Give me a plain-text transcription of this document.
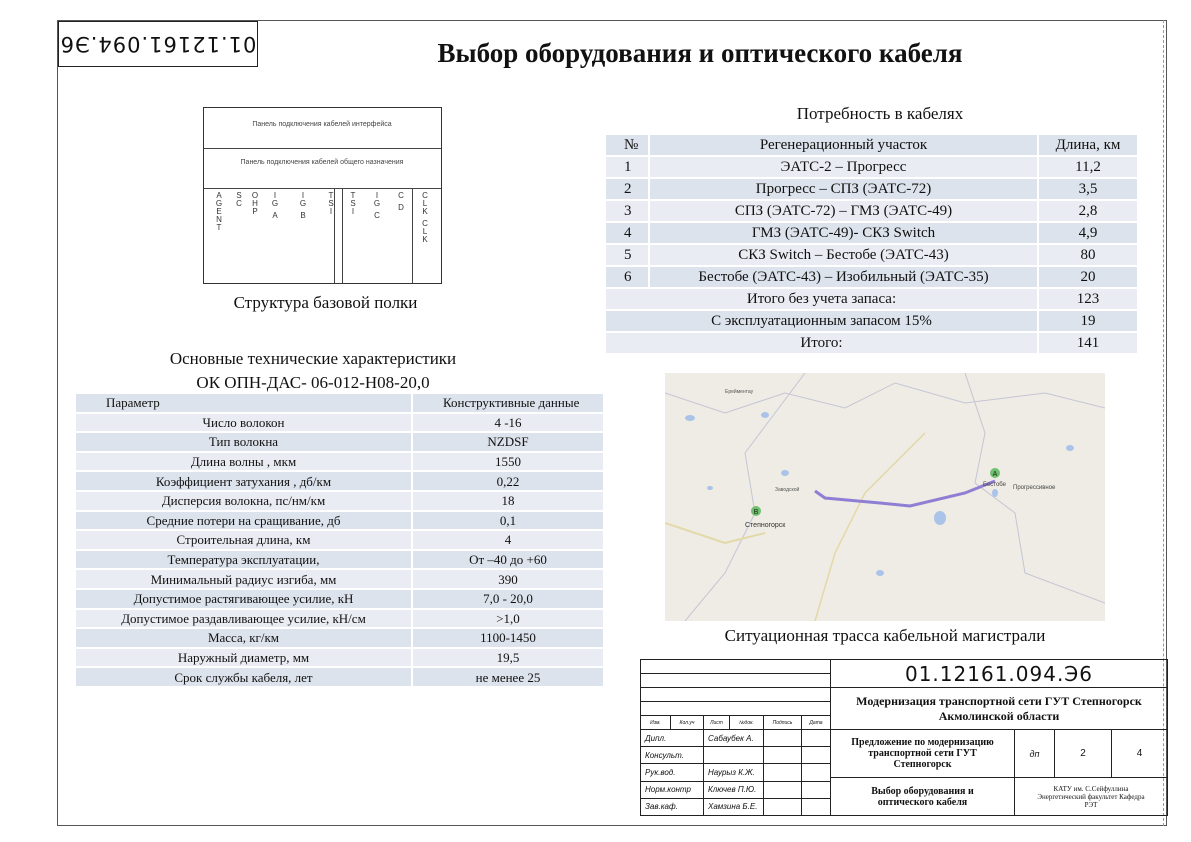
01.12161.094.Э6	Выбор оборудования и оптического кабеля
Панель подключения кабелей интерфейса
Панель подключения кабелей общего назначения
A
G
E
N
T
S
C
O
H
P
I
G
A
I
G
B
T
S
I
T
S
I
I
G
C
C
D
C
L
K
C
L
K
Структура базовой полки
Потребность в кабелях
№	Регенерационный участок	Длина, км
1	ЭАТС-2 – Прогресс	11,2
2	Прогресс – СПЗ (ЭАТС-72)	3,5
3	СПЗ (ЭАТС-72) – ГМЗ (ЭАТС-49)	2,8
4	ГМЗ (ЭАТС-49)- СКЗ Switch	4,9
5	СКЗ Switch – Бестобе (ЭАТС-43)	80
6	Бестобе (ЭАТС-43) – Изобильный (ЭАТС-35)	20
Итого без учета запаса:		123
С эксплуатационным запасом 15%		19
Итого:		141
Основные технические характеристики
ОК ОПН-ДАС- 06-012-Н08-20,0
Параметр	Конструктивные данные
Число волокон	4 -16
Тип волокна	NZDSF
Длина волны , мкм	1550
Коэффициент затухания , дб/км	0,22
Дисперсия волокна, пс/нм/км	18
Средние потери на сращивание, дб	0,1
Строительная длина, км	4
Температура эксплуатации,	От –40 до +60
Минимальный радиус изгиба, мм	390
Допустимое растягивающее усилие, кН	7,0 - 20,0
Допустимое раздавливающее усилие, кН/см	>1,0
Масса, кг/км	1100-1450
Наружный диаметр, мм	19,5
Срок службы кабеля, лет	не менее 25
A
B
Бестобе Прогрессивное
Степногорск
Заводской
Ерейментау
Ситуационная трасса кабельной магистрали
Изм.	Кол.уч	Лист	№док.	Подпись	Дата
Дипл.	Сабаубек А.
Консульт.
Рук.вод.	Наурыз К.Ж.
Норм.контр	Ключев П.Ю.
Зав.каф.	Хамзина Б.Е.
01.12161.094.Э6
Модернизация транспортной сети ГУТ Степногорск Акмолинской области
Предложение по модернизацию транспортной сети ГУТ Степногорск
дп	2	4
Выбор оборудования и оптического кабеля
КАТУ им. С.Сейфуллина Энергетический факультет Кафедра РЭТ
